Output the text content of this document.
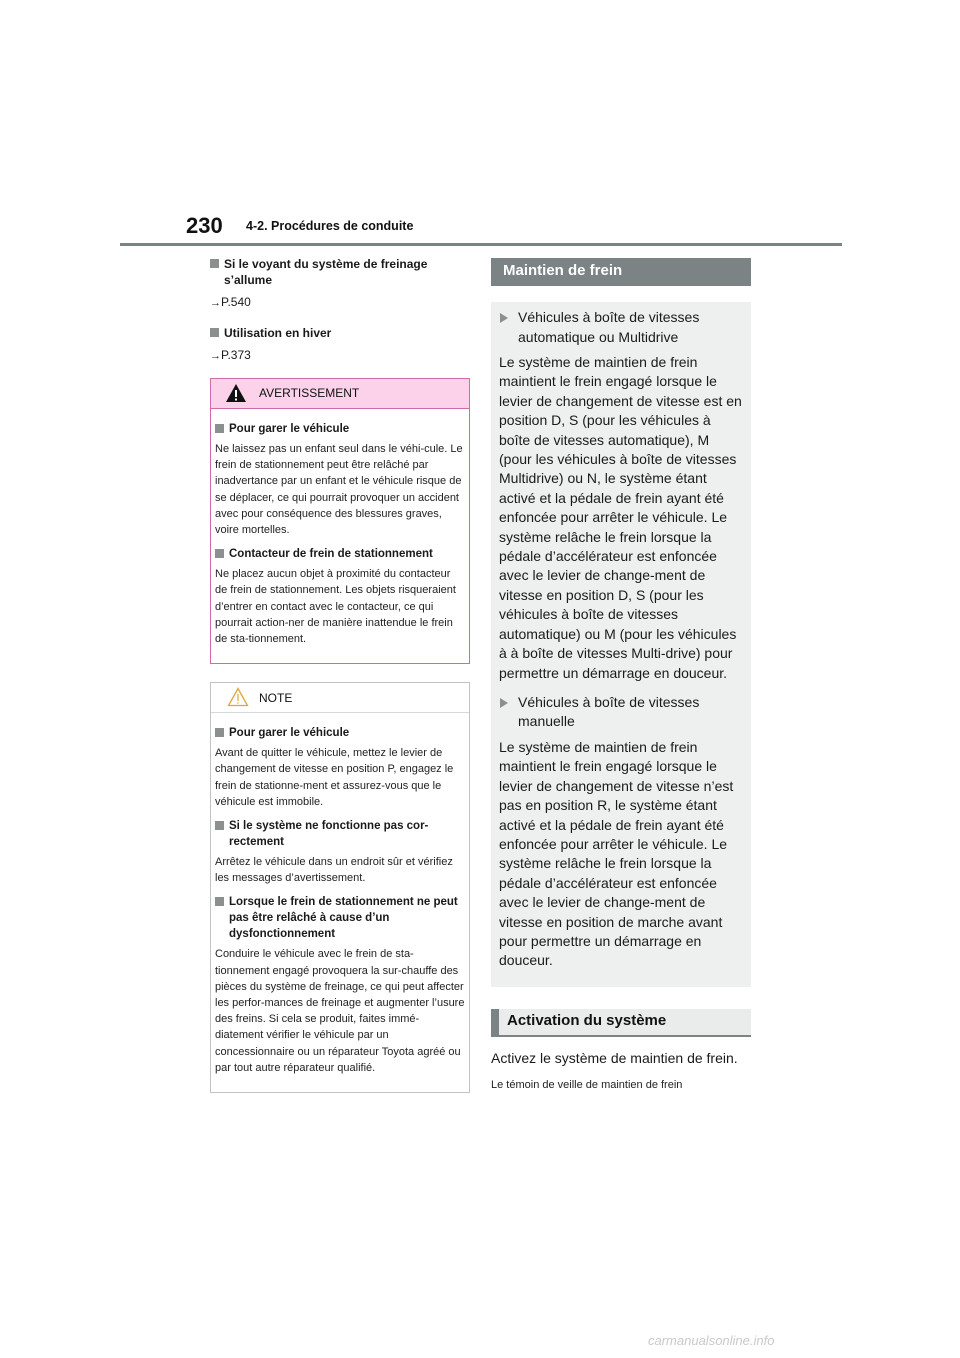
230 4-2. Procédures de conduite
Si le voyant du système de freinage s’allume
→P.540
Utilisation en hiver
→P.373
AVERTISSEMENT
Pour garer le véhicule
Ne laissez pas un enfant seul dans le véhi-cule. Le frein de stationnement peut être relâché par inadvertance par un enfant et le véhicule risque de se déplacer, ce qui pourrait provoquer un accident avec pour conséquence des blessures graves, voire mortelles.
Contacteur de frein de stationnement
Ne placez aucun objet à proximité du contacteur de frein de stationnement. Les objets risqueraient d’entrer en contact avec le contacteur, ce qui pourrait action-ner de manière inattendue le frein de sta-tionnement.
NOTE
Pour garer le véhicule
Avant de quitter le véhicule, mettez le levier de changement de vitesse en position P, engagez le frein de stationne-ment et assurez-vous que le véhicule est immobile.
Si le système ne fonctionne pas cor-rectement
Arrêtez le véhicule dans un endroit sûr et vérifiez les messages d’avertissement.
Lorsque le frein de stationnement ne peut pas être relâché à cause d’un dysfonctionnement
Conduire le véhicule avec le frein de sta-tionnement engagé provoquera la sur-chauffe des pièces du système de freinage, ce qui peut affecter les perfor-mances de freinage et augmenter l’usure des freins. Si cela se produit, faites immé-diatement vérifier le véhicule par un concessionnaire ou un réparateur Toyota agréé ou par tout autre réparateur qualifié.
Maintien de frein
Véhicules à boîte de vitesses automatique ou Multidrive
Le système de maintien de frein maintient le frein engagé lorsque le levier de changement de vitesse est en position D, S (pour les véhicules à boîte de vitesses automatique), M (pour les véhicules à boîte de vitesses Multidrive) ou N, le système étant activé et la pédale de frein ayant été enfoncée pour arrêter le véhicule. Le système relâche le frein lorsque la pédale d’accélérateur est enfoncée avec le levier de change-ment de vitesse en position D, S (pour les véhicules à boîte de vitesses automatique) ou M (pour les véhicules à à boîte de vitesses Multi-drive) pour permettre un démarrage en douceur.
Véhicules à boîte de vitesses manuelle
Le système de maintien de frein maintient le frein engagé lorsque le levier de changement de vitesse n’est pas en position R, le système étant activé et la pédale de frein ayant été enfoncée pour arrêter le véhicule. Le système relâche le frein lorsque la pédale d’accélérateur est enfoncée avec le levier de change-ment de vitesse en position de marche avant pour permettre un démarrage en douceur.
Activation du système
Activez le système de maintien de frein.
Le témoin de veille de maintien de frein
carmanualsonline.info
